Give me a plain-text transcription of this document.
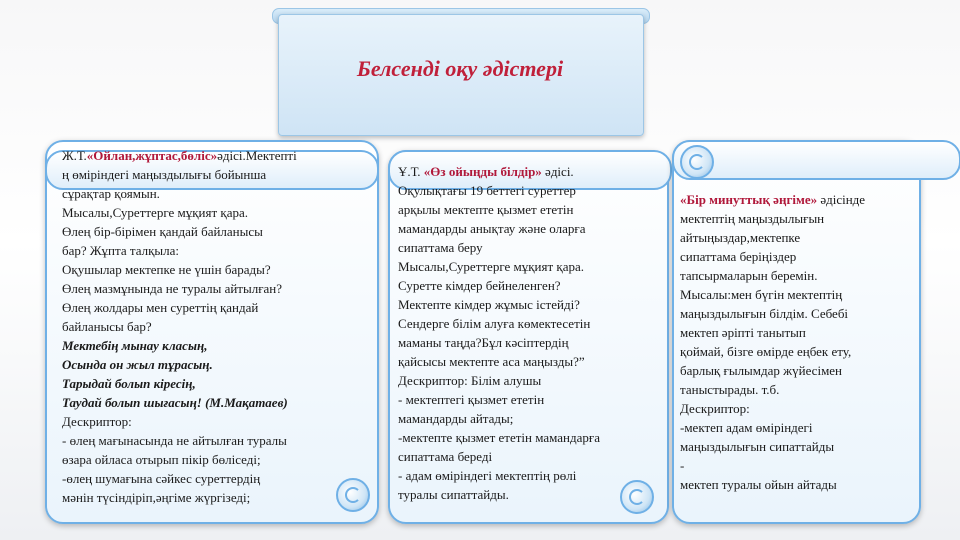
Белсенді оқу әдістері
Ж.Т.«Ойлан,жұптас,бөліс»әдісі.Мектепті
ң өміріндегі маңыздылығы бойынша
сұрақтар қоямын.
Мысалы,Суреттерге мұқият қара.
Өлең бір-бірімен қандай байланысы
бар? Жұпта талқыла:
Оқушылар мектепке не үшін барады?
Өлең мазмұнында не туралы айтылған?
Өлең жолдары мен суреттің қандай
байланысы бар?
Мектебің мынау класың,
Осында он жыл тұрасың.
Тарыдай болып кіресің,
Таудай болып шығасың! (М.Мақатаев)
Дескриптор:
- өлең мағынасында не айтылған туралы
өзара ойласа отырып пікір бөліседі;
-өлең шумағына сәйкес суреттердің
мәнін түсіндіріп,әңгіме жүргізеді;
Ұ.Т. «Өз ойыңды білдір» әдісі.
Оқулықтағы 19 беттегі суреттер
арқылы мектепте қызмет ететін
мамандарды анықтау және оларға
сипаттама беру
Мысалы,Суреттерге мұқият қара.
Суретте кімдер бейнеленген?
Мектепте кімдер жұмыс істейді?
Сендерге білім алуға көмектесетін
маманы таңда?Бұл кәсіптердің
қайсысы мектепте аса маңызды?”
Дескриптор: Білім алушы
- мектептегі қызмет ететін
мамандарды айтады;
-мектепте қызмет ететін мамандарға
сипаттама береді
- адам өміріндегі мектептің рөлі
туралы сипаттайды.
«Бір минуттық әңгіме» әдісінде
мектептің маңыздылығын
айтыңыздар,мектепке
сипаттама беріңіздер
тапсырмаларын беремін.
Мысалы:мен бүгін мектептің
маңыздылығын білдім. Себебі
мектеп әріпті танытып
қоймай, бізге өмірде еңбек ету,
барлық ғылымдар жүйесімен
таныстырады. т.б.
Дескриптор:
-мектеп адам өміріндегі
маңыздылығын сипаттайды
-
мектеп туралы ойын айтады
